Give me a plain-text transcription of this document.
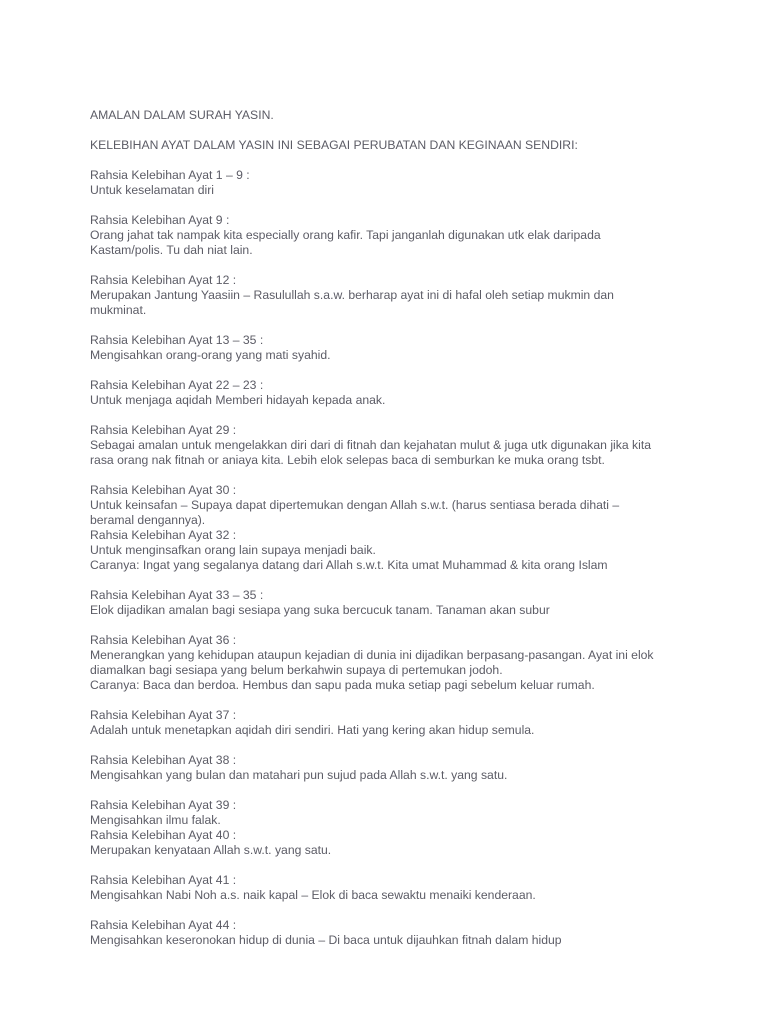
AMALAN DALAM SURAH YASIN.
KELEBIHAN AYAT DALAM YASIN INI SEBAGAI PERUBATAN DAN KEGINAAN SENDIRI:
Rahsia Kelebihan Ayat 1 – 9 :
Untuk keselamatan diri
Rahsia Kelebihan Ayat 9 :
Orang jahat tak nampak kita especially orang kafir. Tapi janganlah digunakan utk elak daripada
Kastam/polis. Tu dah niat lain.
Rahsia Kelebihan Ayat 12 :
Merupakan Jantung Yaasiin – Rasulullah s.a.w. berharap ayat ini di hafal oleh setiap mukmin dan
mukminat.
Rahsia Kelebihan Ayat 13 – 35 :
Mengisahkan orang-orang yang mati syahid.
Rahsia Kelebihan Ayat 22 – 23 :
Untuk menjaga aqidah Memberi hidayah kepada anak.
Rahsia Kelebihan Ayat 29 :
Sebagai amalan untuk mengelakkan diri dari di fitnah dan kejahatan mulut & juga utk digunakan jika kita
rasa orang nak fitnah or aniaya kita. Lebih elok selepas baca di semburkan ke muka orang tsbt.
Rahsia Kelebihan Ayat 30 :
Untuk keinsafan – Supaya dapat dipertemukan dengan Allah s.w.t. (harus sentiasa berada dihati –
beramal dengannya).
Rahsia Kelebihan Ayat 32 :
Untuk menginsafkan orang lain supaya menjadi baik.
Caranya: Ingat yang segalanya datang dari Allah s.w.t. Kita umat Muhammad & kita orang Islam
Rahsia Kelebihan Ayat 33 – 35 :
Elok dijadikan amalan bagi sesiapa yang suka bercucuk tanam. Tanaman akan subur
Rahsia Kelebihan Ayat 36 :
Menerangkan yang kehidupan ataupun kejadian di dunia ini dijadikan berpasang-pasangan. Ayat ini elok
diamalkan bagi sesiapa yang belum berkahwin supaya di pertemukan jodoh.
Caranya: Baca dan berdoa. Hembus dan sapu pada muka setiap pagi sebelum keluar rumah.
Rahsia Kelebihan Ayat 37 :
Adalah untuk menetapkan aqidah diri sendiri. Hati yang kering akan hidup semula.
Rahsia Kelebihan Ayat 38 :
Mengisahkan yang bulan dan matahari pun sujud pada Allah s.w.t. yang satu.
Rahsia Kelebihan Ayat 39 :
Mengisahkan ilmu falak.
Rahsia Kelebihan Ayat 40 :
Merupakan kenyataan Allah s.w.t. yang satu.
Rahsia Kelebihan Ayat 41 :
Mengisahkan Nabi Noh a.s. naik kapal – Elok di baca sewaktu menaiki kenderaan.
Rahsia Kelebihan Ayat 44 :
Mengisahkan keseronokan hidup di dunia – Di baca untuk dijauhkan fitnah dalam hidup
